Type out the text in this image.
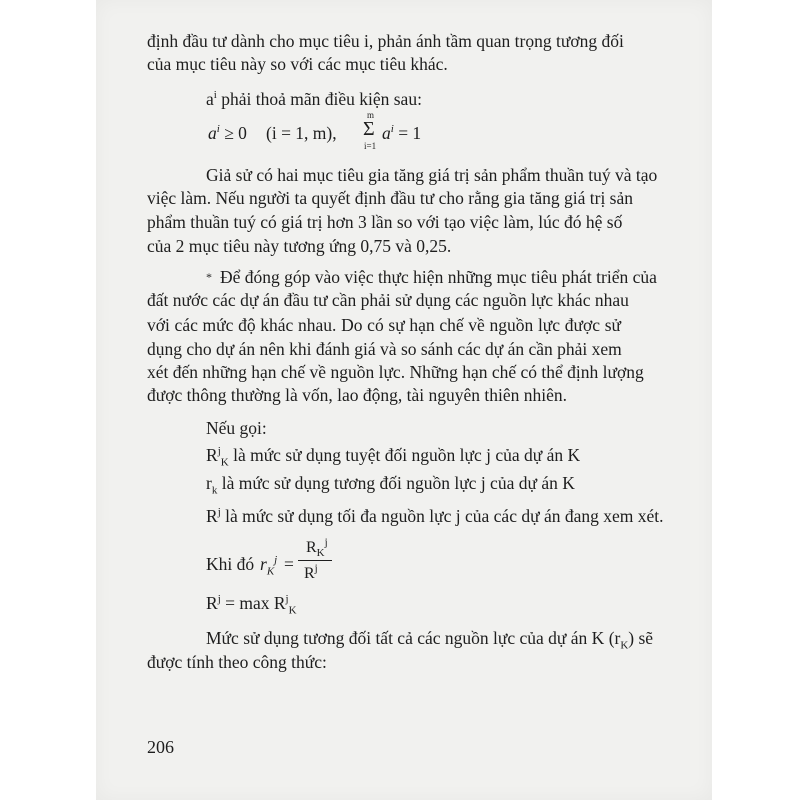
định đầu tư dành cho mục tiêu i, phản ánh tầm quan trọng tương đối
của mục tiêu này so với các mục tiêu khác.
$a^i$ phải thoả mãn điều kiện sau:
$a^i \ge 0$ (i = 1, m),
m
Σ
i=1
$a^i = 1$
Giả sử có hai mục tiêu gia tăng giá trị sản phẩm thuần tuý và tạo
việc làm. Nếu người ta quyết định đầu tư cho rằng gia tăng giá trị sản
phẩm thuần tuý có giá trị hơn 3 lần so với tạo việc làm, lúc đó hệ số
của 2 mục tiêu này tương ứng 0,75 và 0,25.
* Để đóng góp vào việc thực hiện những mục tiêu phát triển của
đất nước các dự án đầu tư cần phải sử dụng các nguồn lực khác nhau
với các mức độ khác nhau. Do có sự hạn chế về nguồn lực được sử
dụng cho dự án nên khi đánh giá và so sánh các dự án cần phải xem
xét đến những hạn chế về nguồn lực. Những hạn chế có thể định lượng
được thông thường là vốn, lao động, tài nguyên thiên nhiên.
Nếu gọi:
$R^j_K$ là mức sử dụng tuyệt đối nguồn lực j của dự án K
$r_k$ là mức sử dụng tương đối nguồn lực j của dự án K
$R^j$ là mức sử dụng tối đa nguồn lực j của các dự án đang xem xét.
Khi đó $r_K^j$ =
$R_K^j$
$R^j$
$R^j = \max R^j_K$
Mức sử dụng tương đối tất cả các nguồn lực của dự án K $(r_K)$ sẽ
được tính theo công thức:
206
